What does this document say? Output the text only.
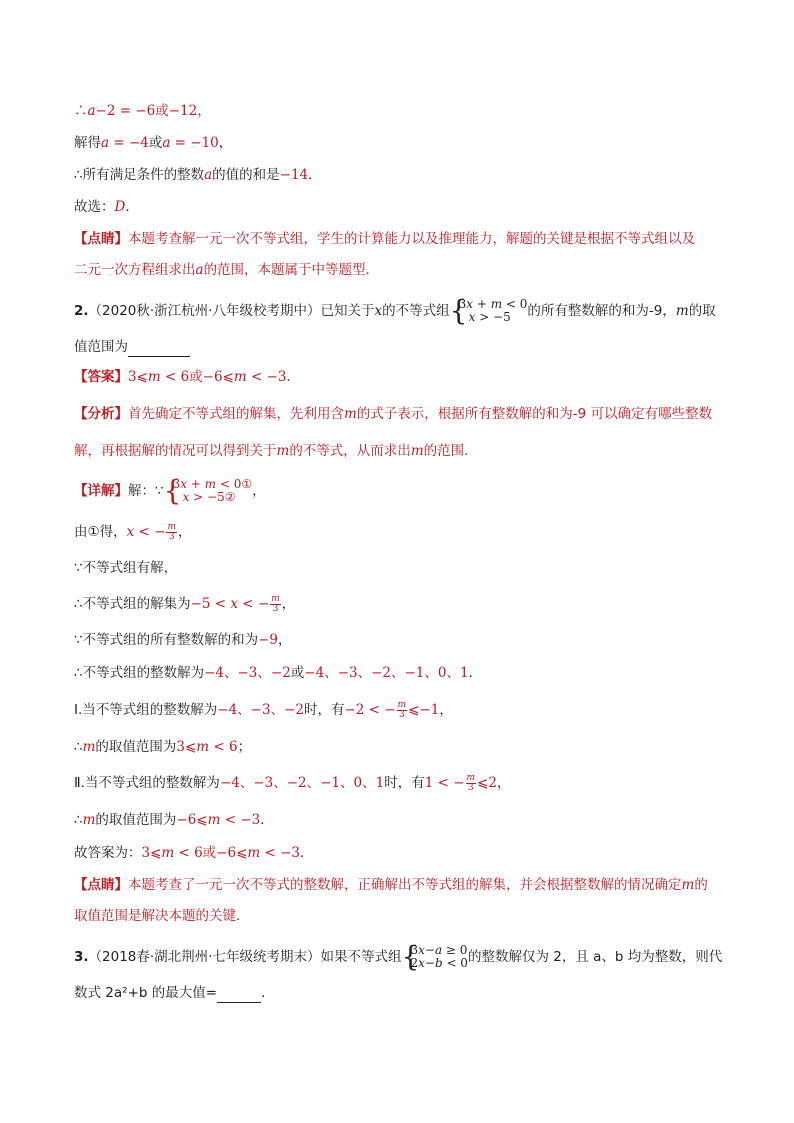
∴𝑎−2 = −6或−12，
解得𝑎 = −4或𝑎 = −10，
∴所有满足条件的整数𝑎的值的和是−14．
故选：𝐷．
【点睛】本题考查解一元一次不等式组，学生的计算能力以及推理能力，解题的关键是根据不等式组以及
二元一次方程组求出𝑎的范围，本题属于中等题型．
2.（2020秋·浙江杭州·八年级校考期中）已知关于𝑥的不等式组 {
3𝑥 + 𝑚 < 0
𝑥 > −5	的所有整数解的和为-9，𝑚的取
值范围为
【答案】3⩽𝑚 < 6或−6⩽𝑚 < −3．
【分析】首先确定不等式组的解集，先利用含𝑚的式子表示，根据所有整数解的和为-9 可以确定有哪些整数
解，再根据解的情况可以得到关于𝑚的不等式，从而求出𝑚的范围．
【详解】解：∵ {
3𝑥 + 𝑚 < 0①
𝑥 > −5②	，
由①得，𝑥 < − $\frac{\text{𝑚}}{3}$ ，
∵不等式组有解，
∴不等式组的解集为−5 < 𝑥 < − $\frac{\text{𝑚}}{3}$ ，
∵不等式组的所有整数解的和为−9，
∴不等式组的整数解为−4、−3、−2或−4、−3、−2、−1、0、1．
Ⅰ.当不等式组的整数解为−4、−3、−2时，有−2 < − $\frac{\text{𝑚}}{3}$ ⩽−1，
∴𝑚的取值范围为3⩽𝑚 < 6；
Ⅱ.当不等式组的整数解为−4、−3、−2、−1、0、1时，有1 < − $\frac{\text{𝑚}}{3}$ ⩽2，
∴𝑚的取值范围为−6⩽𝑚 < −3．
故答案为：3⩽𝑚 < 6或−6⩽𝑚 < −3．
【点睛】本题考查了一元一次不等式的整数解，正确解出不等式组的解集，并会根据整数解的情况确定𝑚的
取值范围是解决本题的关键．
3.（2018春·湖北荆州·七年级统考期末）如果不等式组 {
3𝑥−𝑎 ≥ 0
2𝑥−𝑏 < 0 的整数解仅为 2，且 a、b 均为整数，则代
数式 2a²+b 的最大值=	.
